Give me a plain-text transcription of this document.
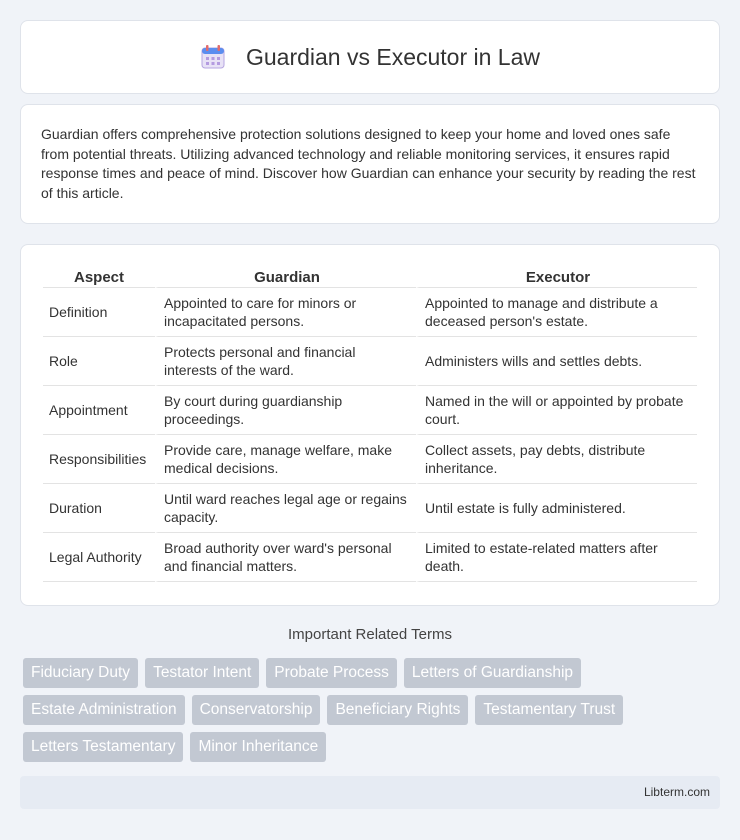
Guardian vs Executor in Law

Guardian offers comprehensive protection solutions designed to keep your home and loved ones safe from potential threats. Utilizing advanced technology and reliable monitoring services, it ensures rapid response times and peace of mind. Discover how Guardian can enhance your security by reading the rest of this article.

Aspect	Guardian	Executor
Definition	Appointed to care for minors or incapacitated persons.	Appointed to manage and distribute a deceased person's estate.
Role	Protects personal and financial interests of the ward.	Administers wills and settles debts.
Appointment	By court during guardianship proceedings.	Named in the will or appointed by probate court.
Responsibilities	Provide care, manage welfare, make medical decisions.	Collect assets, pay debts, distribute inheritance.
Duration	Until ward reaches legal age or regains capacity.	Until estate is fully administered.
Legal Authority	Broad authority over ward's personal and financial matters.	Limited to estate-related matters after death.
Important Related Terms
Fiduciary Duty	Testator Intent	Probate Process	Letters of Guardianship
Estate Administration	Conservatorship	Beneficiary Rights	Testamentary Trust
Letters Testamentary	Minor Inheritance
Libterm.com
